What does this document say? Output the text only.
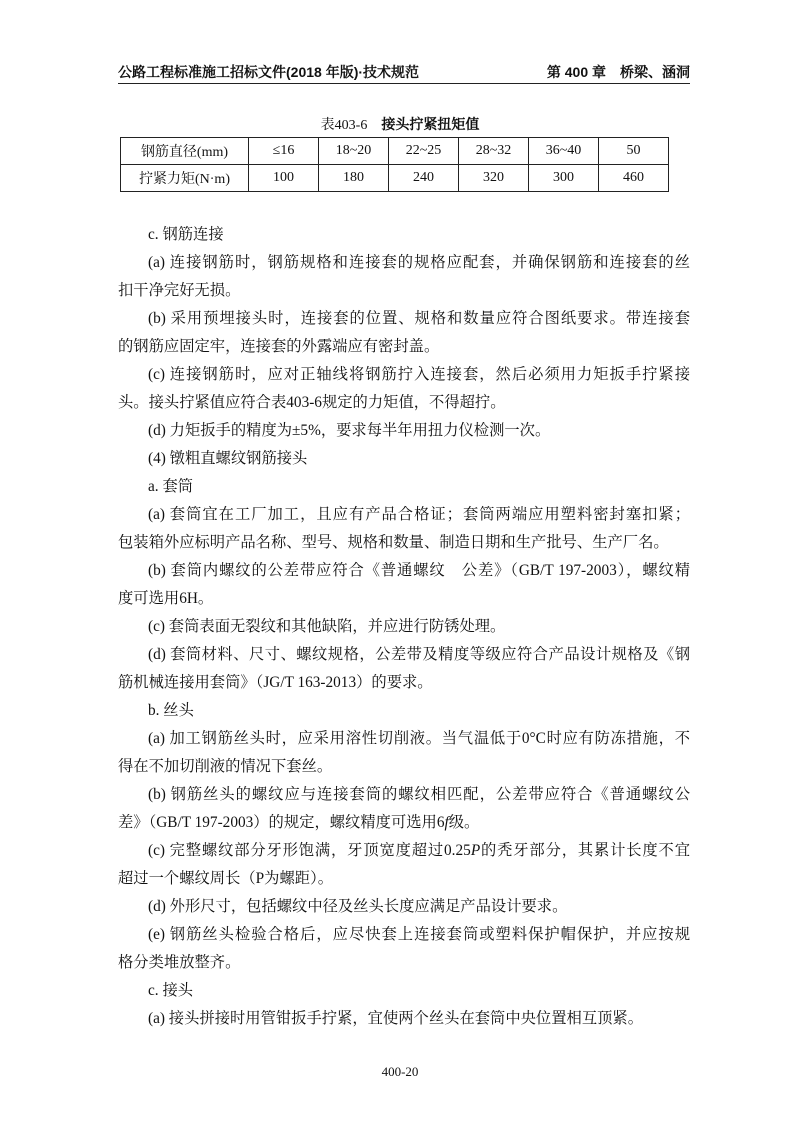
公路工程标准施工招标文件(2018 年版)·技术规范	第 400 章　桥梁、涵洞
表403-6 接头拧紧扭矩值
钢筋直径(mm)	≤16	18~20	22~25	28~32	36~40	50
拧紧力矩(N·m)	100	180	240	320	300	460
c. 钢筋连接
(a) 连接钢筋时，钢筋规格和连接套的规格应配套，并确保钢筋和连接套的丝
扣干净完好无损。
(b) 采用预埋接头时，连接套的位置、规格和数量应符合图纸要求。带连接套
的钢筋应固定牢，连接套的外露端应有密封盖。
(c) 连接钢筋时，应对正轴线将钢筋拧入连接套，然后必须用力矩扳手拧紧接
头。接头拧紧值应符合表403-6规定的力矩值，不得超拧。
(d) 力矩扳手的精度为±5%，要求每半年用扭力仪检测一次。
(4) 镦粗直螺纹钢筋接头
a. 套筒
(a) 套筒宜在工厂加工，且应有产品合格证；套筒两端应用塑料密封塞扣紧；
包装箱外应标明产品名称、型号、规格和数量、制造日期和生产批号、生产厂名。
(b) 套筒内螺纹的公差带应符合《普通螺纹　公差》（GB/T 197-2003），螺纹精
度可选用6H。
(c) 套筒表面无裂纹和其他缺陷，并应进行防锈处理。
(d) 套筒材料、尺寸、螺纹规格，公差带及精度等级应符合产品设计规格及《钢
筋机械连接用套筒》（JG/T 163-2013）的要求。
b. 丝头
(a) 加工钢筋丝头时，应采用溶性切削液。当气温低于0°C时应有防冻措施，不
得在不加切削液的情况下套丝。
(b) 钢筋丝头的螺纹应与连接套筒的螺纹相匹配，公差带应符合《普通螺纹公
差》（GB/T 197-2003）的规定，螺纹精度可选用6f级。
(c) 完整螺纹部分牙形饱满，牙顶宽度超过0.25P的秃牙部分，其累计长度不宜
超过一个螺纹周长（P为螺距）。
(d) 外形尺寸，包括螺纹中径及丝头长度应满足产品设计要求。
(e) 钢筋丝头检验合格后，应尽快套上连接套筒或塑料保护帽保护，并应按规
格分类堆放整齐。
c. 接头
(a) 接头拼接时用管钳扳手拧紧，宜使两个丝头在套筒中央位置相互顶紧。
400-20
